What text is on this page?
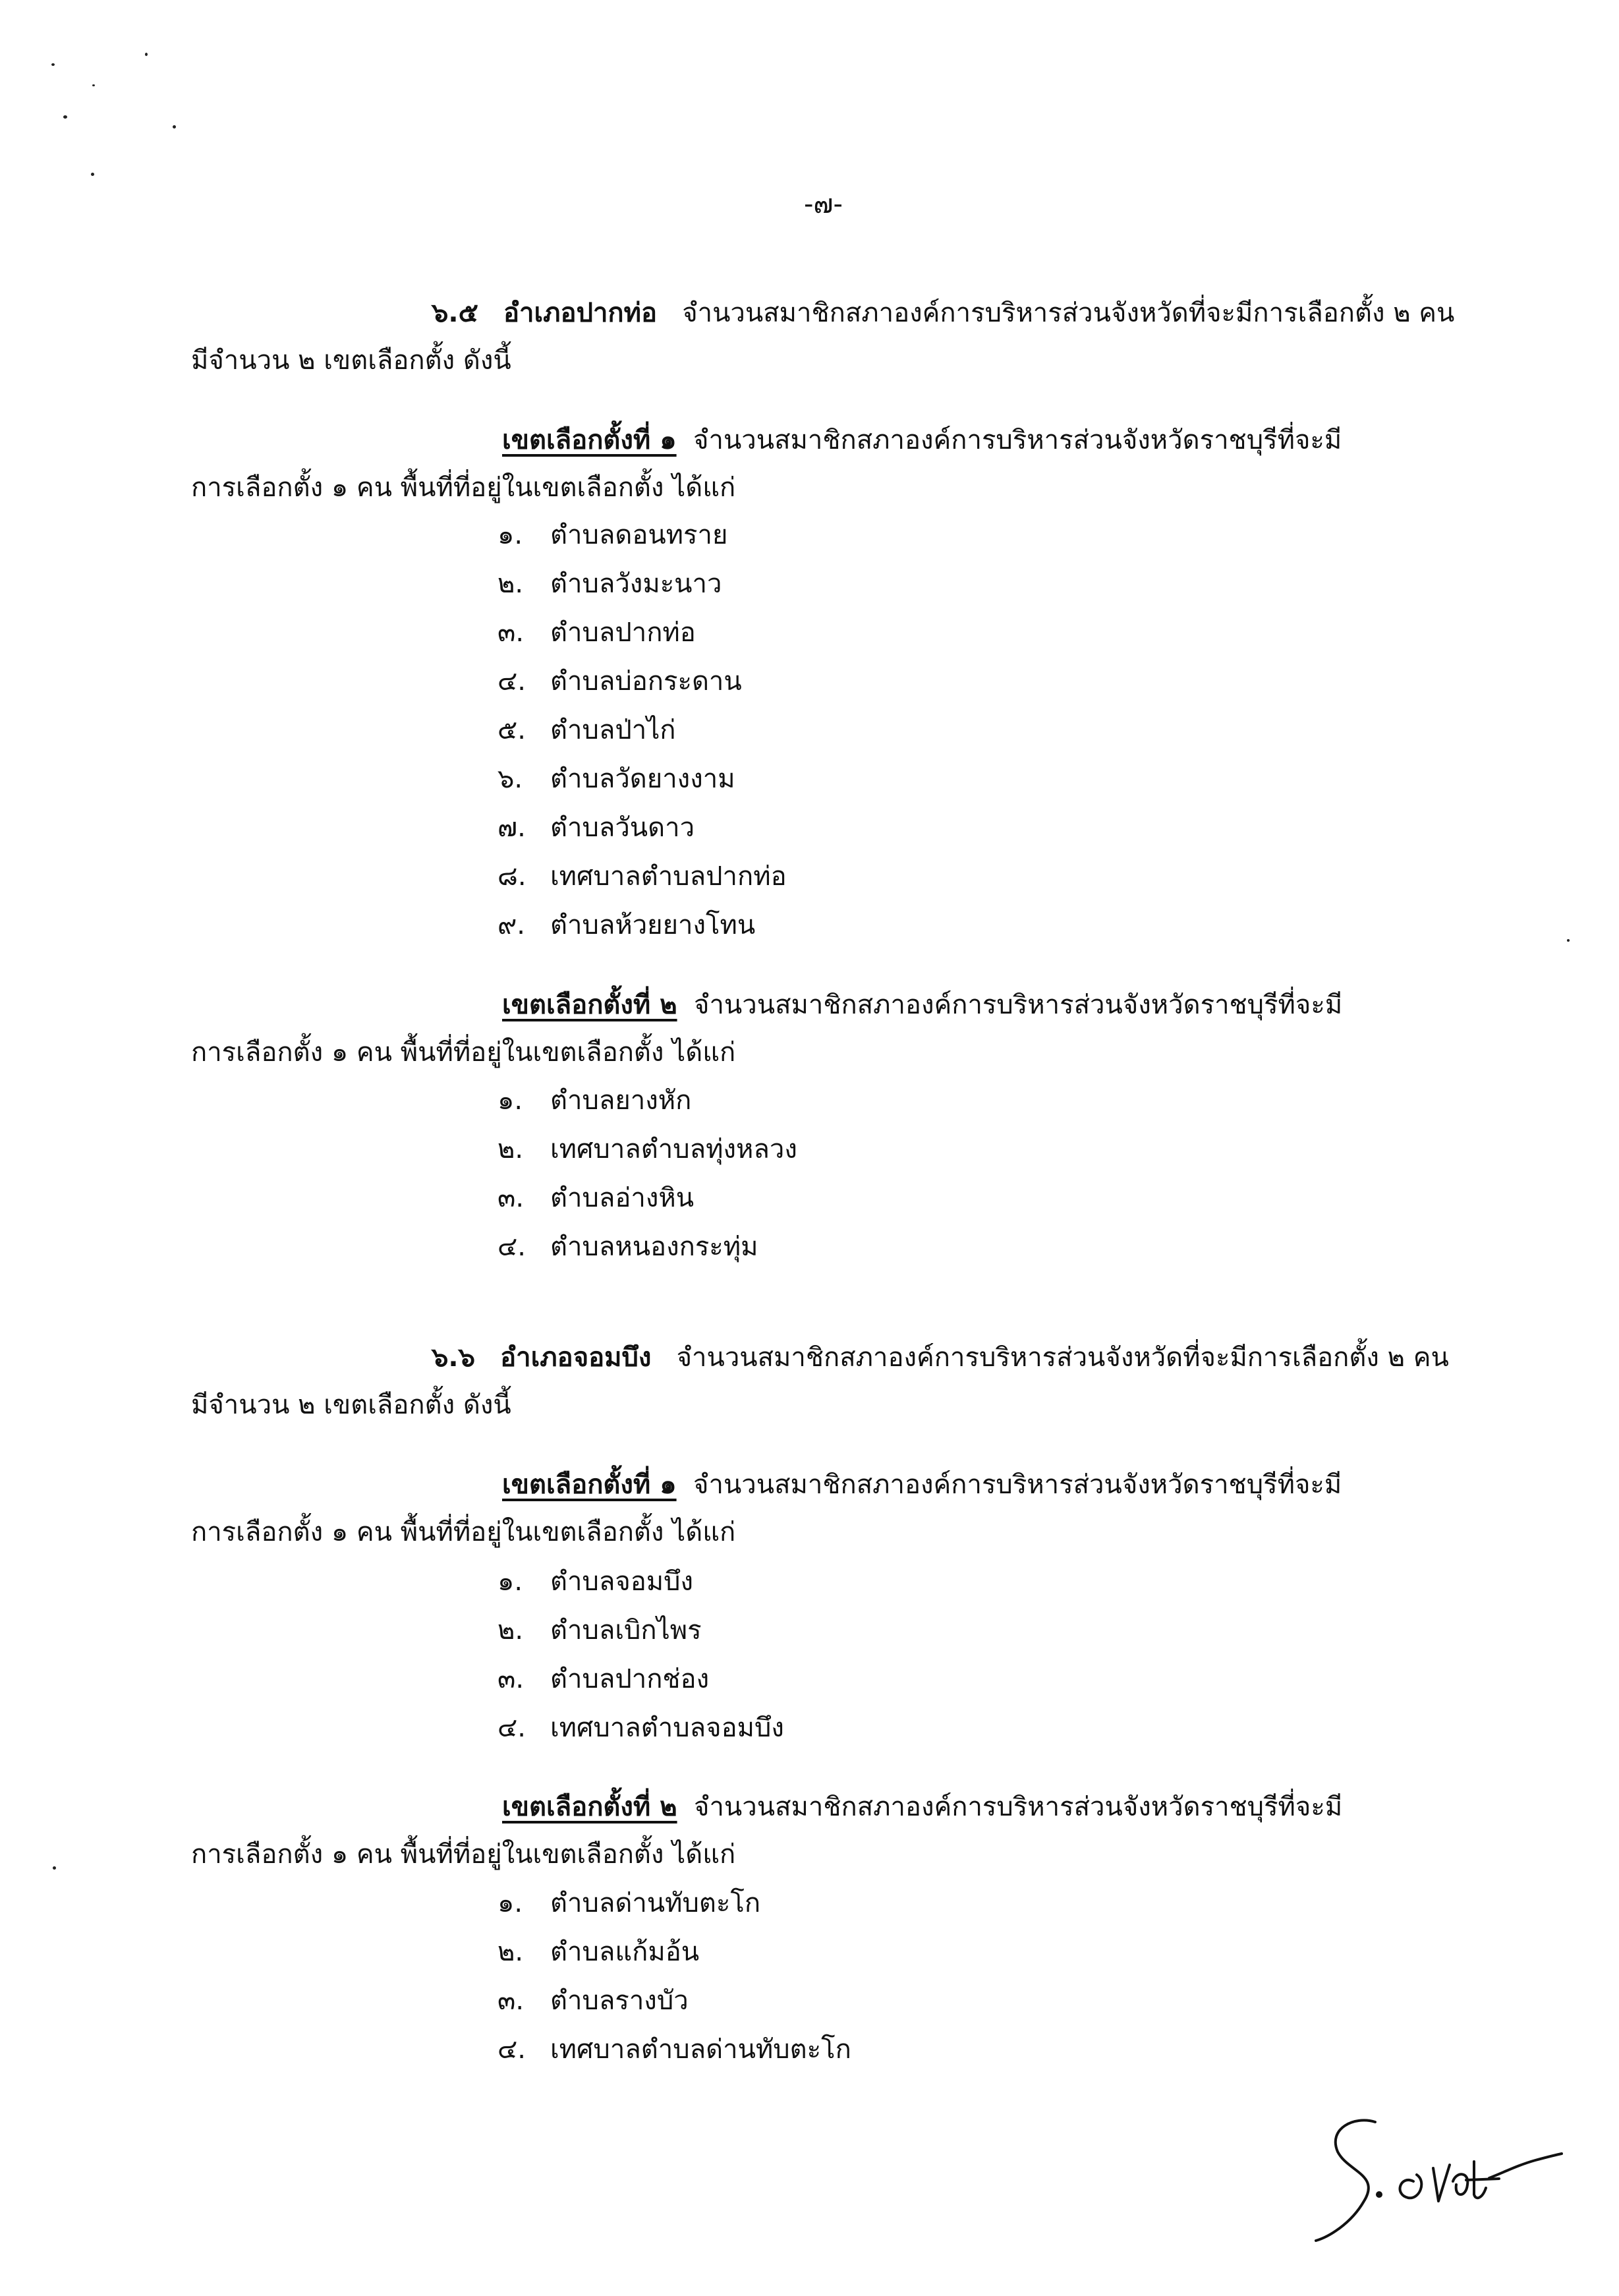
-๗-
๖.๕ อำเภอปากท่อ จำนวนสมาชิกสภาองค์การบริหารส่วนจังหวัดที่จะมีการเลือกตั้ง ๒ คน
มีจำนวน ๒ เขตเลือกตั้ง ดังนี้
เขตเลือกตั้งที่ ๑ จำนวนสมาชิกสภาองค์การบริหารส่วนจังหวัดราชบุรีที่จะมี
การเลือกตั้ง ๑ คน พื้นที่ที่อยู่ในเขตเลือกตั้ง ได้แก่
๑. ตำบลดอนทราย
๒. ตำบลวังมะนาว
๓. ตำบลปากท่อ
๔. ตำบลบ่อกระดาน
๕. ตำบลป่าไก่
๖. ตำบลวัดยางงาม
๗. ตำบลวันดาว
๘. เทศบาลตำบลปากท่อ
๙. ตำบลห้วยยางโทน
เขตเลือกตั้งที่ ๒ จำนวนสมาชิกสภาองค์การบริหารส่วนจังหวัดราชบุรีที่จะมี
การเลือกตั้ง ๑ คน พื้นที่ที่อยู่ในเขตเลือกตั้ง ได้แก่
๑. ตำบลยางหัก
๒. เทศบาลตำบลทุ่งหลวง
๓. ตำบลอ่างหิน
๔. ตำบลหนองกระทุ่ม
๖.๖ อำเภอจอมบึง จำนวนสมาชิกสภาองค์การบริหารส่วนจังหวัดที่จะมีการเลือกตั้ง ๒ คน
มีจำนวน ๒ เขตเลือกตั้ง ดังนี้
เขตเลือกตั้งที่ ๑ จำนวนสมาชิกสภาองค์การบริหารส่วนจังหวัดราชบุรีที่จะมี
การเลือกตั้ง ๑ คน พื้นที่ที่อยู่ในเขตเลือกตั้ง ได้แก่
๑. ตำบลจอมบึง
๒. ตำบลเบิกไพร
๓. ตำบลปากช่อง
๔. เทศบาลตำบลจอมบึง
เขตเลือกตั้งที่ ๒ จำนวนสมาชิกสภาองค์การบริหารส่วนจังหวัดราชบุรีที่จะมี
การเลือกตั้ง ๑ คน พื้นที่ที่อยู่ในเขตเลือกตั้ง ได้แก่
๑. ตำบลด่านทับตะโก
๒. ตำบลแก้มอ้น
๓. ตำบลรางบัว
๔. เทศบาลตำบลด่านทับตะโก
